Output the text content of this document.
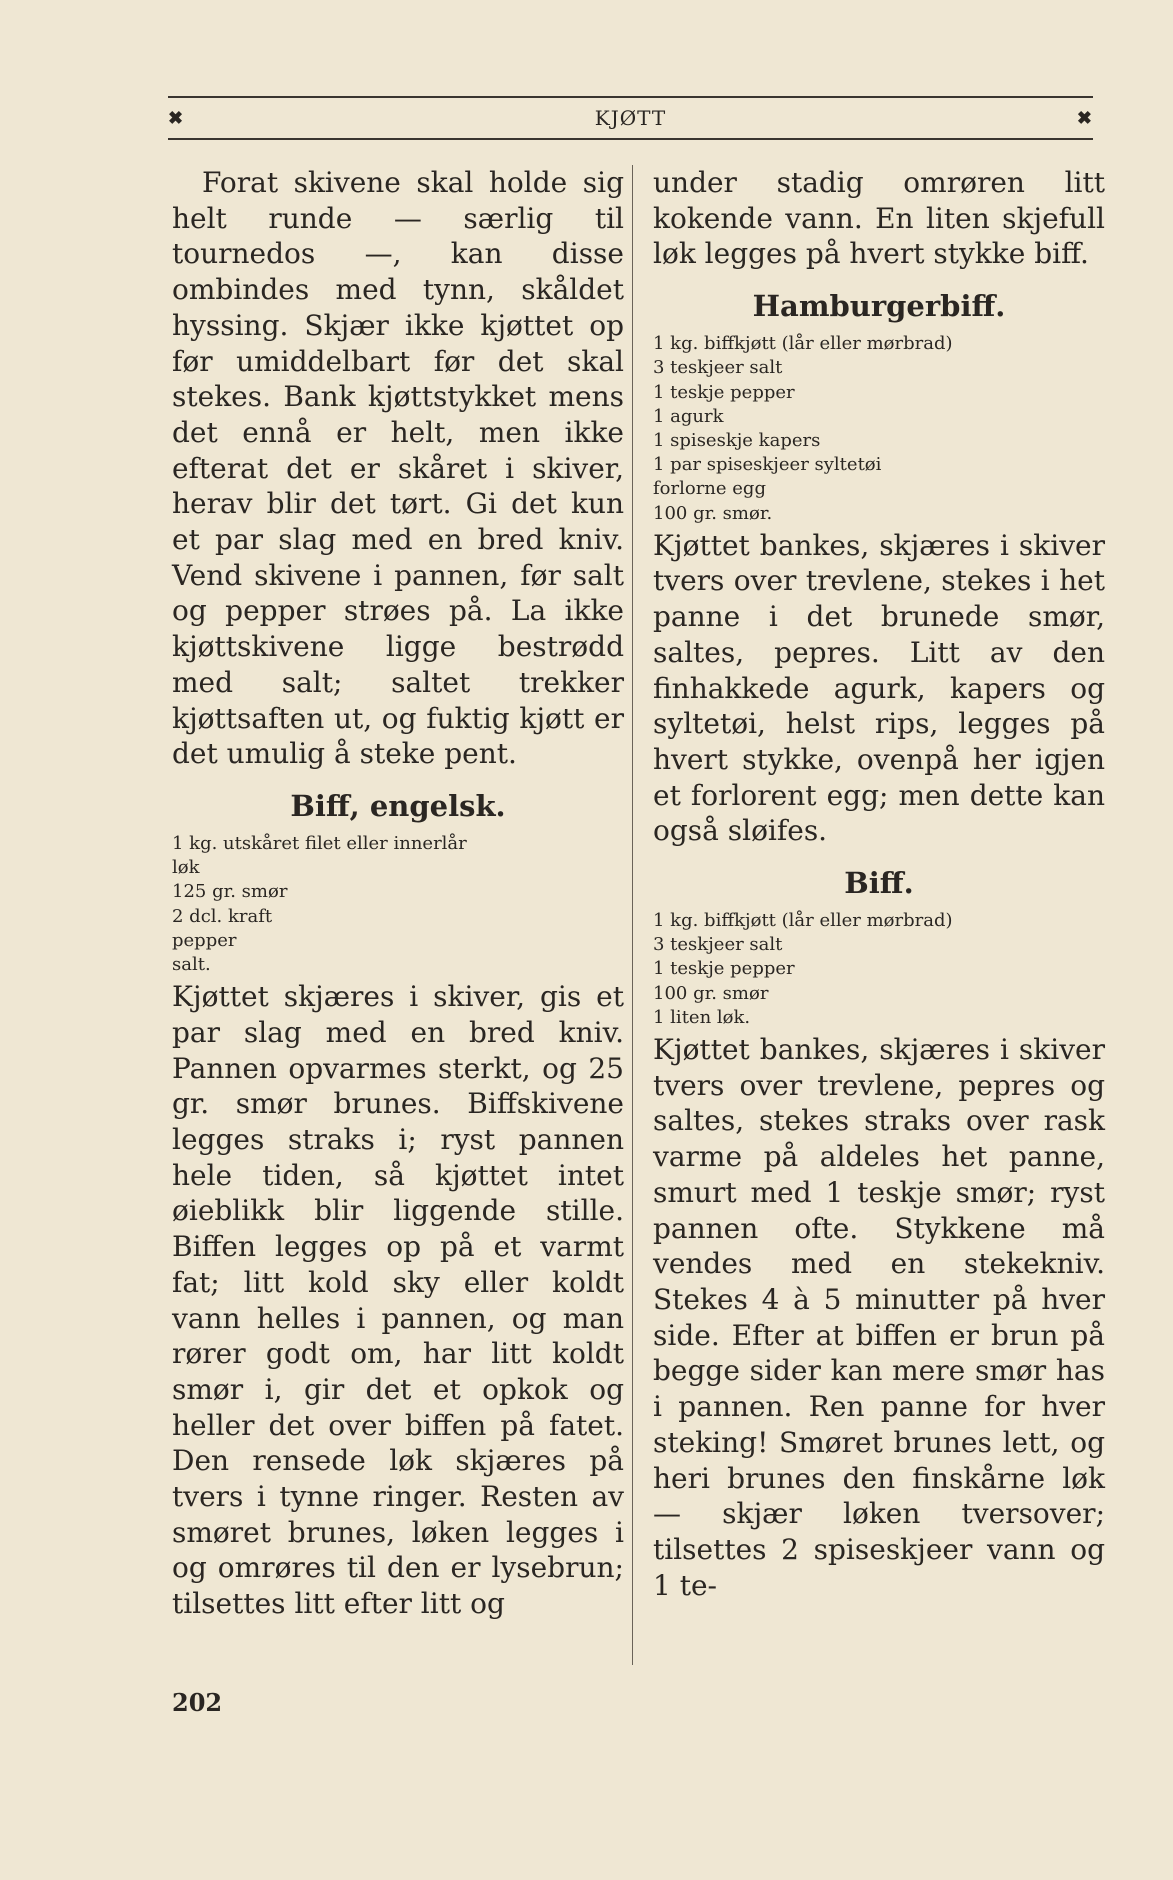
✖	KJØTT	✖

Forat skivene skal holde sig helt runde — særlig til tournedos —, kan disse ombindes med tynn, skåldet hyssing. Skjær ikke kjøttet op før umiddelbart før det skal stekes. Bank kjøttstykket mens det ennå er helt, men ikke efterat det er skåret i skiver, herav blir det tørt. Gi det kun et par slag med en bred kniv. Vend skivene i pannen, før salt og pepper strøes på. La ikke kjøttskivene ligge bestrødd med salt; saltet trekker kjøttsaften ut, og fuktig kjøtt er det umulig å steke pent.

Biff, engelsk.
1 kg. utskåret filet eller innerlår
løk
125 gr. smør
2 dcl. kraft
pepper
salt.

Kjøttet skjæres i skiver, gis et par slag med en bred kniv. Pannen opvarmes sterkt, og 25 gr. smør brunes. Biffskivene legges straks i; ryst pannen hele tiden, så kjøttet intet øieblikk blir liggende stille. Biffen legges op på et varmt fat; litt kold sky eller koldt vann helles i pannen, og man rører godt om, har litt koldt smør i, gir det et opkok og heller det over biffen på fatet. Den rensede løk skjæres på tvers i tynne ringer. Resten av smøret brunes, løken legges i og omrøres til den er lysebrun; tilsettes litt efter litt og

under stadig omrøren litt kokende vann. En liten skjefull løk legges på hvert stykke biff.

Hamburgerbiff.
1 kg. biffkjøtt (lår eller mørbrad)
3 teskjeer salt
1 teskje pepper
1 agurk
1 spiseskje kapers
1 par spiseskjeer syltetøi
forlorne egg
100 gr. smør.

Kjøttet bankes, skjæres i skiver tvers over trevlene, stekes i het panne i det brunede smør, saltes, pepres. Litt av den finhakkede agurk, kapers og syltetøi, helst rips, legges på hvert stykke, ovenpå her igjen et forlorent egg; men dette kan også sløifes.

Biff.
1 kg. biffkjøtt (lår eller mørbrad)
3 teskjeer salt
1 teskje pepper
100 gr. smør
1 liten løk.

Kjøttet bankes, skjæres i skiver tvers over trevlene, pepres og saltes, stekes straks over rask varme på aldeles het panne, smurt med 1 teskje smør; ryst pannen ofte. Stykkene må vendes med en stekekniv. Stekes 4 à 5 minutter på hver side. Efter at biffen er brun på begge sider kan mere smør has i pannen. Ren panne for hver steking! Smøret brunes lett, og heri brunes den finskårne løk — skjær løken tversover; tilsettes 2 spiseskjeer vann og 1 te-

202
